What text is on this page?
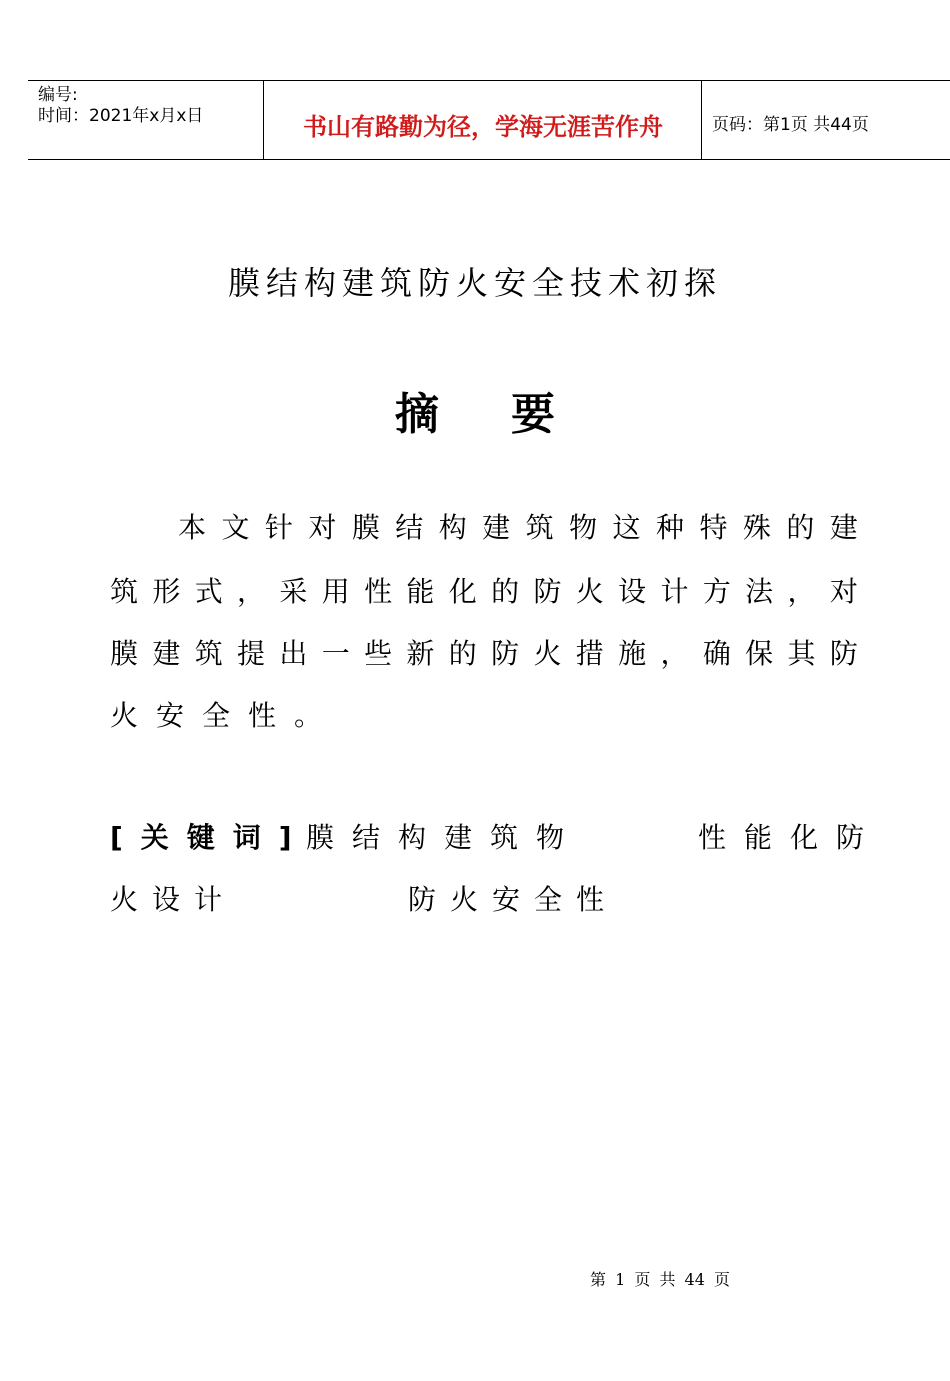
编号:
时间：2021年x月x日	书山有路勤为径，学海无涯苦作舟	页码：第1页 共44页
膜结构建筑防火安全技术初探
摘 要
本 文 针 对 膜 结 构 建 筑 物 这 种 特 殊 的 建
筑 形 式 ， 采 用 性 能 化 的 防 火 设 计 方 法 ， 对
膜 建 筑 提 出 一 些 新 的 防 火 措 施 ， 确 保 其 防
火安全性。
[关键词]
膜结构建筑物	性能化防
火设计	防火安全性
第 1 页 共 44 页
